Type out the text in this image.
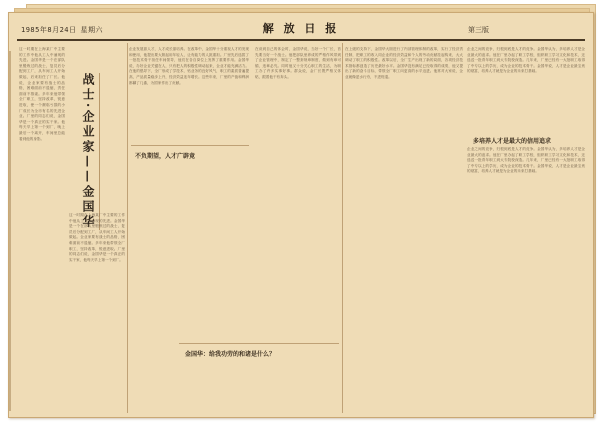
1985年8月24日 星期六	解 放 日 报	第三版
这一时期在上海某厂中主要的工作中他从工人中涌现的先进。金国华是一个在部队里锻炼过的战士，复员后分配到工厂，从车间工人开始做起，后来担任了厂长。他说，企业家要有战士的品格，困难面前不退缩，责任面前不推诿。多年来他带领全厂职工，坚持改革，锐意进取，使一个濒临亏损的小厂成长为全市有名的先进企业。厂里的同志们说，金国华是一个真正的实干家。他每天早上第一个到厂，晚上最后一个离开，车间里总能看到他的身影。	战士·企业家——金国华
这一时期在上海某厂中主要的工作中他从工人中涌现的先进。金国华是一个在部队里锻炼过的战士，复员后分配到工厂，从车间工人开始做起。企业家要有战士的品格，困难面前不退缩。多年来他带领全厂职工，坚持改革，锐意进取。厂里的同志们说，金国华是一个真正的实干家，他每天早上第一个到厂。
企业发展靠人才，人才成长靠培养。在改革中，金国华十分重视人才的发现和使用，他提出要大胆起用年轻人，让有能力的人挑重担。厂里先后选拔了一批技术骨干担任车间领导，他们在各自岗位上发挥了重要作用。金国华说，办好企业关键在人，只有把人的积极性调动起来，企业才能充满活力。在他的倡导下，全厂形成了学技术、钻业务的良好风气，职工的素质普遍提高，产品质量稳步上升，经济效益连年增长。这些年来，厂里的产值和利润都翻了几番，为国家作出了贡献。
不负期望，人才广辟竟
在谈到自己的体会时，金国华说，当好一个厂长，首先要当好一个战士。他把部队里养成的严格作风带到了企业管理中，制定了一整套规章制度，做到有章可循，违章必究。同时他又十分关心职工的生活，为职工办了许多实事好事。群众说，金厂长既严格又体贴，跟着他干有奔头。
金国华：给我功劳的和诸是什么？
在上级的支持下，金国华大胆进行了内部管理体制的改革，实行了经济责任制，把职工的收入同企业的经济效益和个人的劳动贡献挂起钩来，大大调动了职工的积极性。改革以后，全厂生产出现了新的局面，各项经济技术指标都创造了历史最好水平。金国华没有满足已经取得的成绩，他又提出了新的奋斗目标，带领全厂职工向更高的水平迈进。他常对大家说，企业就像逆水行舟，不进则退。
企业之间的竞争，归根到底是人才的竞争。金国华认为，多培养人才是企业最大的追求。他在厂里办起了职工学校，组织职工学习文化和技术，还选送一批青年职工到大专院校深造。几年来，厂里已经有一大批职工取得了中专以上的学历，成为企业的技术骨干。金国华说，人才是企业最宝贵的财富，培养人才就是为企业的未来打基础。
多培养人才是最大的信用追求
企业之间的竞争，归根到底是人才的竞争。金国华认为，多培养人才是企业最大的追求。他在厂里办起了职工学校，组织职工学习文化和技术，还选送一批青年职工到大专院校深造。几年来，厂里已经有一大批职工取得了中专以上的学历，成为企业的技术骨干。金国华说，人才是企业最宝贵的财富，培养人才就是为企业的未来打基础。
